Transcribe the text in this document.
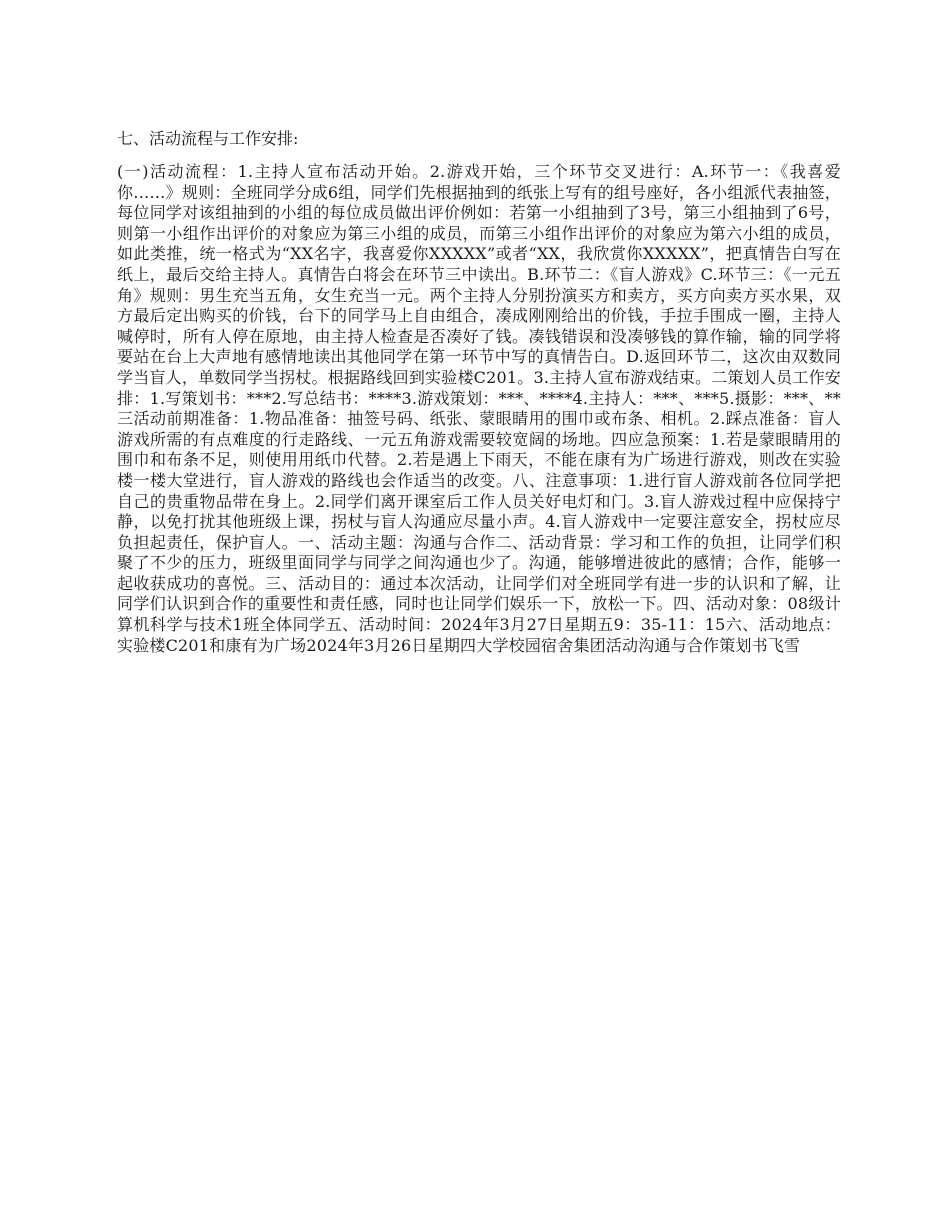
七、活动流程与工作安排:
(一)活动流程：1.主持人宣布活动开始。2.游戏开始，三个环节交叉进行：A.环节一：《我喜爱你……》规则：全班同学分成6组，同学们先根据抽到的纸张上写有的组号座好，各小组派代表抽签，每位同学对该组抽到的小组的每位成员做出评价例如：若第一小组抽到了3号，第三小组抽到了6号，则第一小组作出评价的对象应为第三小组的成员，而第三小组作出评价的对象应为第六小组的成员，如此类推，统一格式为“XX名字，我喜爱你XXXXX”或者“XX，我欣赏你XXXXX”，把真情告白写在纸上，最后交给主持人。真情告白将会在环节三中读出。B.环节二：《盲人游戏》C.环节三：《一元五角》规则：男生充当五角，女生充当一元。两个主持人分别扮演买方和卖方，买方向卖方买水果，双方最后定出购买的价钱，台下的同学马上自由组合，凑成刚刚给出的价钱，手拉手围成一圈，主持人喊停时，所有人停在原地，由主持人检查是否凑好了钱。凑钱错误和没凑够钱的算作输，输的同学将要站在台上大声地有感情地读出其他同学在第一环节中写的真情告白。D.返回环节二，这次由双数同学当盲人，单数同学当拐杖。根据路线回到实验楼C201。3.主持人宣布游戏结束。二策划人员工作安排：1.写策划书：***2.写总结书：****3.游戏策划：***、****4.主持人：***、***5.摄影：***、**三活动前期准备：1.物品准备：抽签号码、纸张、蒙眼睛用的围巾或布条、相机。2.踩点准备：盲人游戏所需的有点难度的行走路线、一元五角游戏需要较宽阔的场地。四应急预案：1.若是蒙眼睛用的围巾和布条不足，则使用用纸巾代替。2.若是遇上下雨天，不能在康有为广场进行游戏，则改在实验楼一楼大堂进行，盲人游戏的路线也会作适当的改变。八、注意事项：1.进行盲人游戏前各位同学把自己的贵重物品带在身上。2.同学们离开课室后工作人员关好电灯和门。3.盲人游戏过程中应保持宁静，以免打扰其他班级上课，拐杖与盲人沟通应尽量小声。4.盲人游戏中一定要注意安全，拐杖应尽负担起责任，保护盲人。一、活动主题：沟通与合作二、活动背景：学习和工作的负担，让同学们积聚了不少的压力，班级里面同学与同学之间沟通也少了。沟通，能够增进彼此的感情；合作，能够一起收获成功的喜悦。三、活动目的：通过本次活动，让同学们对全班同学有进一步的认识和了解，让同学们认识到合作的重要性和责任感，同时也让同学们娱乐一下，放松一下。四、活动对象：08级计算机科学与技术1班全体同学五、活动时间：2024年3月27日星期五9：35-11：15六、活动地点：实验楼C201和康有为广场2024年3月26日星期四大学校园宿舍集团活动沟通与合作策划书飞雪
